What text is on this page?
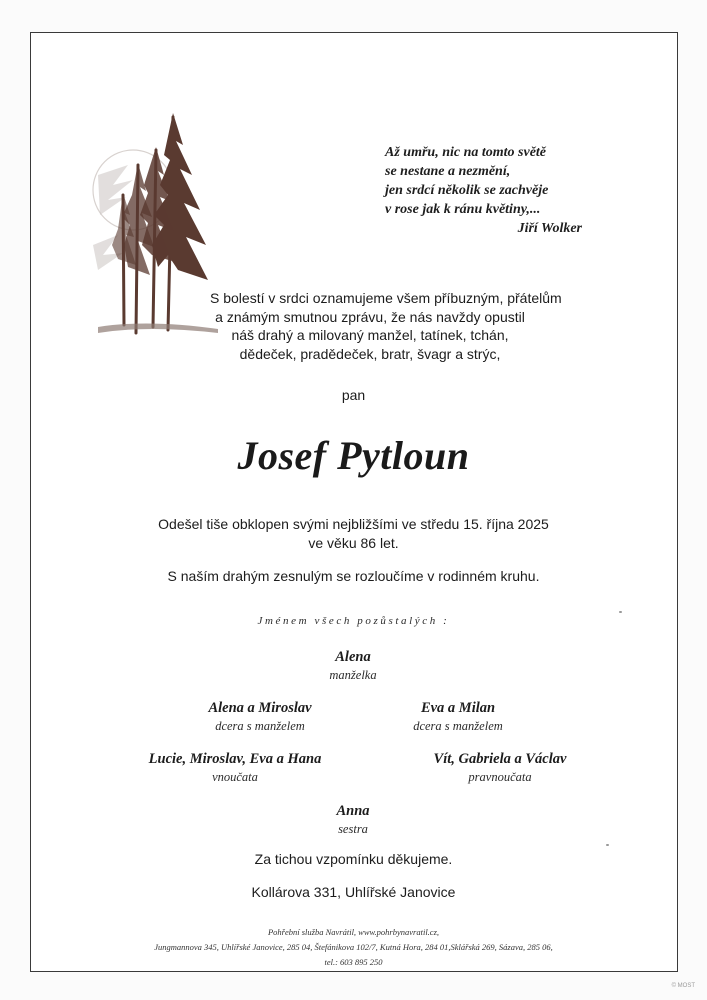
Až umřu, nic na tomto světě
se nestane a nezmění,
jen srdcí několik se zachvěje
v rose jak k ránu květiny,...
Jiří Wolker
S bolestí v srdci oznamujeme všem příbuzným, přátelům
a známým smutnou zprávu, že nás navždy opustil
náš drahý a milovaný manžel, tatínek, tchán,
dědeček, pradědeček, bratr, švagr a strýc,
pan
Josef Pytloun
Odešel tiše obklopen svými nejbližšími ve středu 15. října 2025
ve věku 86 let.
S naším drahým zesnulým se rozloučíme v rodinném kruhu.
Jménem všech pozůstalých :
Alena
manželka
Alena a Miroslav
dcera s manželem
Eva a Milan
dcera s manželem
Lucie, Miroslav, Eva a Hana
vnoučata
Vít, Gabriela a Václav
pravnoučata
Anna
sestra
Za tichou vzpomínku děkujeme.
Kollárova 331, Uhlířské Janovice
Pohřební služba Navrátil, www.pohrbynavratil.cz,
Jungmannova 345, Uhlířské Janovice, 285 04, Štefánikova 102/7, Kutná Hora, 284 01,Sklářská 269, Sázava, 285 06,
tel.: 603 895 250
© MOST
